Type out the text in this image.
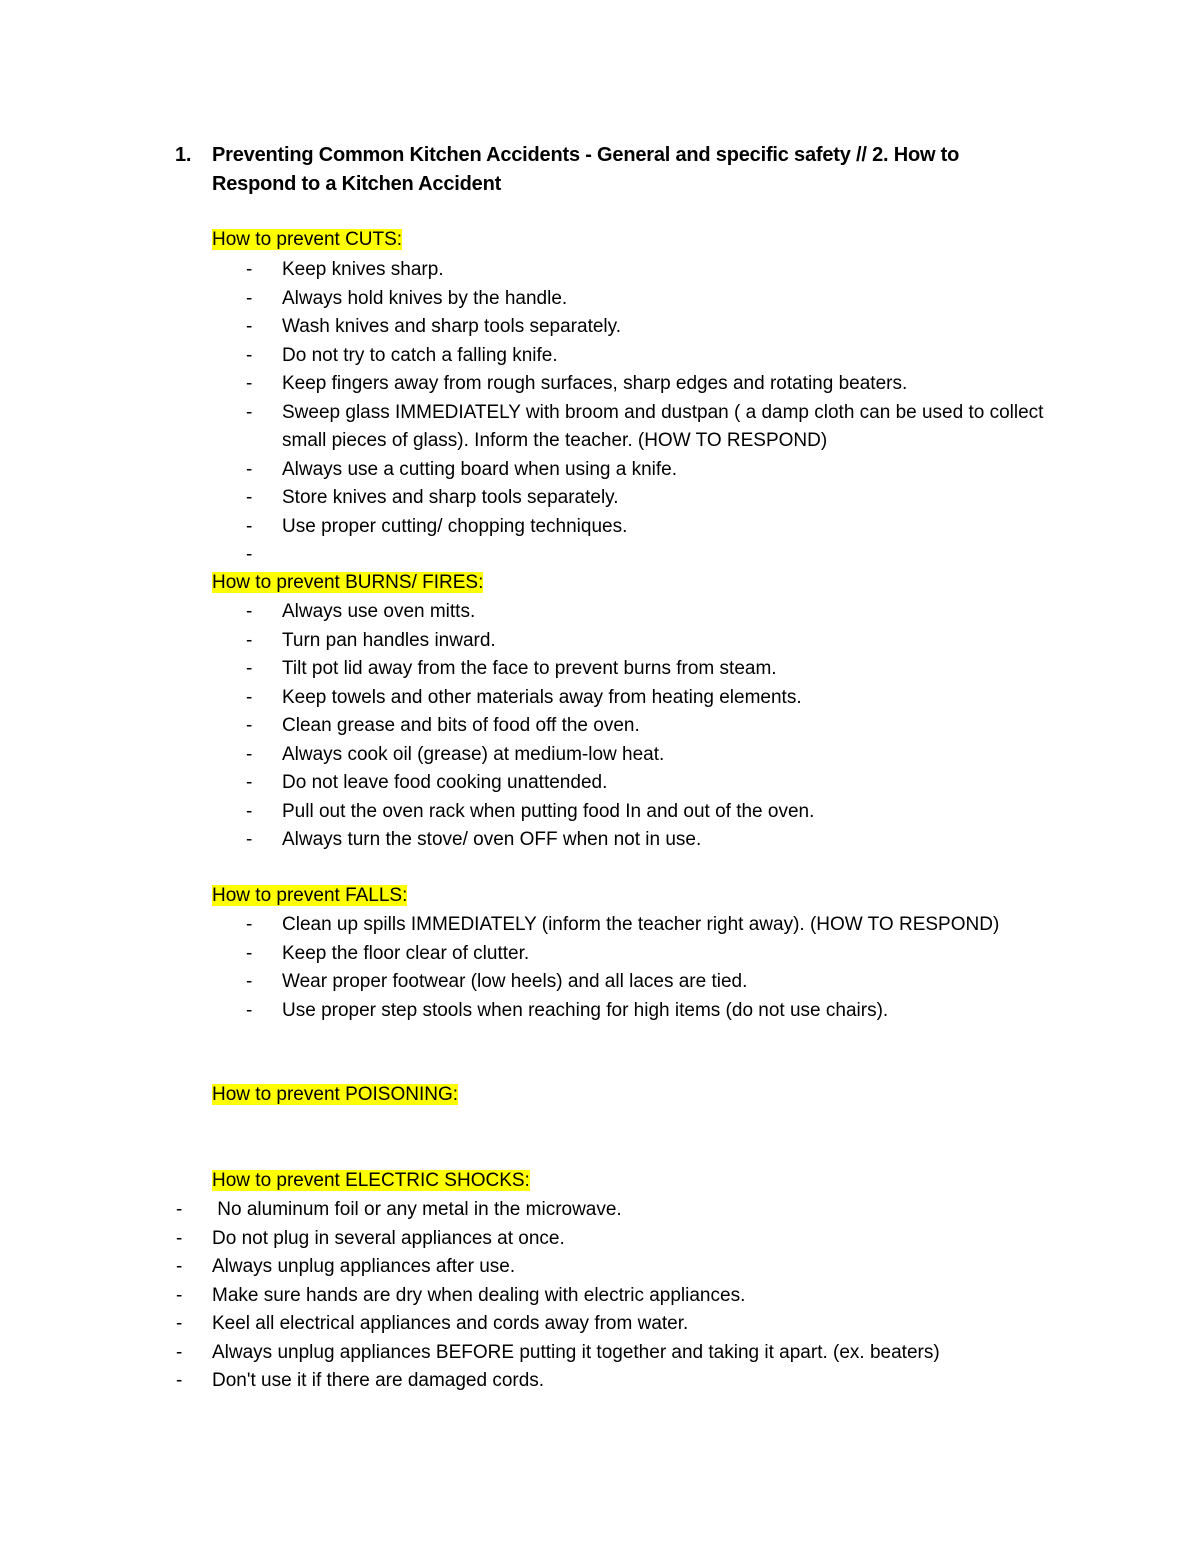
1. Preventing Common Kitchen Accidents - General and specific safety // 2. How to Respond to a Kitchen Accident
How to prevent CUTS:
- Keep knives sharp.
- Always hold knives by the handle.
- Wash knives and sharp tools separately.
- Do not try to catch a falling knife.
- Keep fingers away from rough surfaces, sharp edges and rotating beaters.
- Sweep glass IMMEDIATELY with broom and dustpan ( a damp cloth can be used to collect small pieces of glass). Inform the teacher. (HOW TO RESPOND)
- Always use a cutting board when using a knife.
- Store knives and sharp tools separately.
- Use proper cutting/ chopping techniques.
-
How to prevent BURNS/ FIRES:
- Always use oven mitts.
- Turn pan handles inward.
- Tilt pot lid away from the face to prevent burns from steam.
- Keep towels and other materials away from heating elements.
- Clean grease and bits of food off the oven.
- Always cook oil (grease) at medium-low heat.
- Do not leave food cooking unattended.
- Pull out the oven rack when putting food In and out of the oven.
- Always turn the stove/ oven OFF when not in use.
How to prevent FALLS:
- Clean up spills IMMEDIATELY (inform the teacher right away). (HOW TO RESPOND)
- Keep the floor clear of clutter.
- Wear proper footwear (low heels) and all laces are tied.
- Use proper step stools when reaching for high items (do not use chairs).
How to prevent POISONING:
How to prevent ELECTRIC SHOCKS:
- No aluminum foil or any metal in the microwave.
- Do not plug in several appliances at once.
- Always unplug appliances after use.
- Make sure hands are dry when dealing with electric appliances.
- Keel all electrical appliances and cords away from water.
- Always unplug appliances BEFORE putting it together and taking it apart. (ex. beaters)
- Don't use it if there are damaged cords.
